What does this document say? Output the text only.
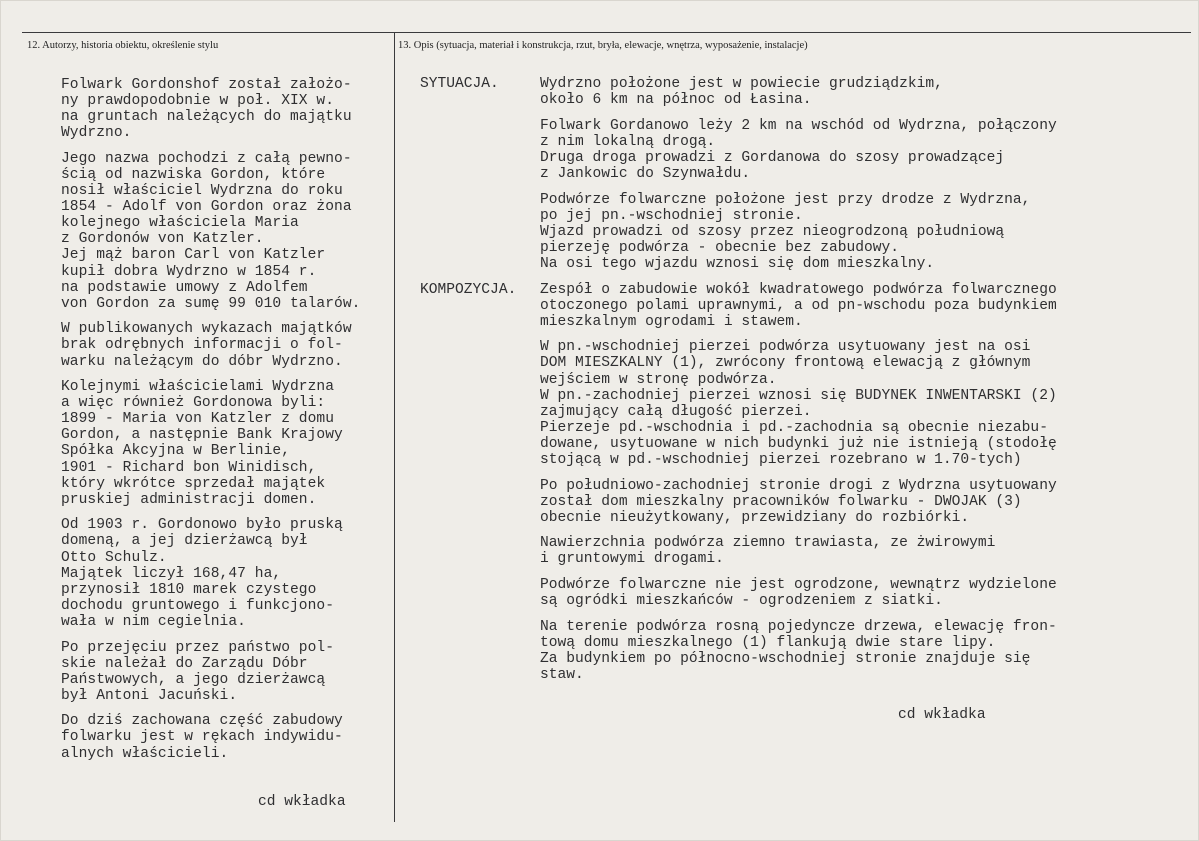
12. Autorzy, historia obiektu, określenie stylu	13. Opis (sytuacja, materiał i konstrukcja, rzut, bryła, elewacje, wnętrza, wyposażenie, instalacje)

Folwark Gordonshof został założo-
ny prawdopodobnie w poł. XIX w.
na gruntach należących do majątku
Wydrzno.

Jego nazwa pochodzi z całą pewno-
ścią od nazwiska Gordon, które
nosił właściciel Wydrzna do roku
1854 - Adolf von Gordon oraz żona
kolejnego właściciela Maria
z Gordonów von Katzler.
Jej mąż baron Carl von Katzler
kupił dobra Wydrzno w 1854 r.
na podstawie umowy z Adolfem
von Gordon za sumę 99 010 talarów.

W publikowanych wykazach majątków
brak odrębnych informacji o fol-
warku należącym do dóbr Wydrzno.

Kolejnymi właścicielami Wydrzna
a więc również Gordonowa byli:
1899 - Maria von Katzler z domu
Gordon, a następnie Bank Krajowy
Spółka Akcyjna w Berlinie,
1901 - Richard bon Winidisch,
który wkrótce sprzedał majątek
pruskiej administracji domen.

Od 1903 r. Gordonowo było pruską
domeną, a jej dzierżawcą był
Otto Schulz.
Majątek liczył 168,47 ha,
przynosił 1810 marek czystego
dochodu gruntowego i funkcjono-
wała w nim cegielnia.

Po przejęciu przez państwo pol-
skie należał do Zarządu Dóbr
Państwowych, a jego dzierżawcą
był Antoni Jacuński.

Do dziś zachowana część zabudowy
folwarku jest w rękach indywidu-
alnych właścicieli.

cd wkładka
SYTUACJA.	Wydrzno położone jest w powiecie grudziądzkim,
około 6 km na północ od Łasina.

Folwark Gordanowo leży 2 km na wschód od Wydrzna, połączony
z nim lokalną drogą.
Druga droga prowadzi z Gordanowa do szosy prowadzącej
z Jankowic do Szynwałdu.

Podwórze folwarczne położone jest przy drodze z Wydrzna,
po jej pn.-wschodniej stronie.
Wjazd prowadzi od szosy przez nieogrodzoną południową
pierzeję podwórza - obecnie bez zabudowy.
Na osi tego wjazdu wznosi się dom mieszkalny.

KOMPOZYCJA. Zespół o zabudowie wokół kwadratowego podwórza folwarcznego
otoczonego polami uprawnymi, a od pn-wschodu poza budynkiem
mieszkalnym ogrodami i stawem.

W pn.-wschodniej pierzei podwórza usytuowany jest na osi
DOM MIESZKALNY (1), zwrócony frontową elewacją z głównym
wejściem w stronę podwórza.
W pn.-zachodniej pierzei wznosi się BUDYNEK INWENTARSKI (2)
zajmujący całą długość pierzei.
Pierzeje pd.-wschodnia i pd.-zachodnia są obecnie niezabu-
dowane, usytuowane w nich budynki już nie istnieją (stodołę
stojącą w pd.-wschodniej pierzei rozebrano w 1.70-tych)

Po południowo-zachodniej stronie drogi z Wydrzna usytuowany
został dom mieszkalny pracowników folwarku - DWOJAK (3)
obecnie nieużytkowany, przewidziany do rozbiórki.

Nawierzchnia podwórza ziemno trawiasta, ze żwirowymi
i gruntowymi drogami.

Podwórze folwarczne nie jest ogrodzone, wewnątrz wydzielone
są ogródki mieszkańców - ogrodzeniem z siatki.

Na terenie podwórza rosną pojedyncze drzewa, elewację fron-
tową domu mieszkalnego (1) flankują dwie stare lipy.
Za budynkiem po północno-wschodniej stronie znajduje się
staw.

cd wkładka
